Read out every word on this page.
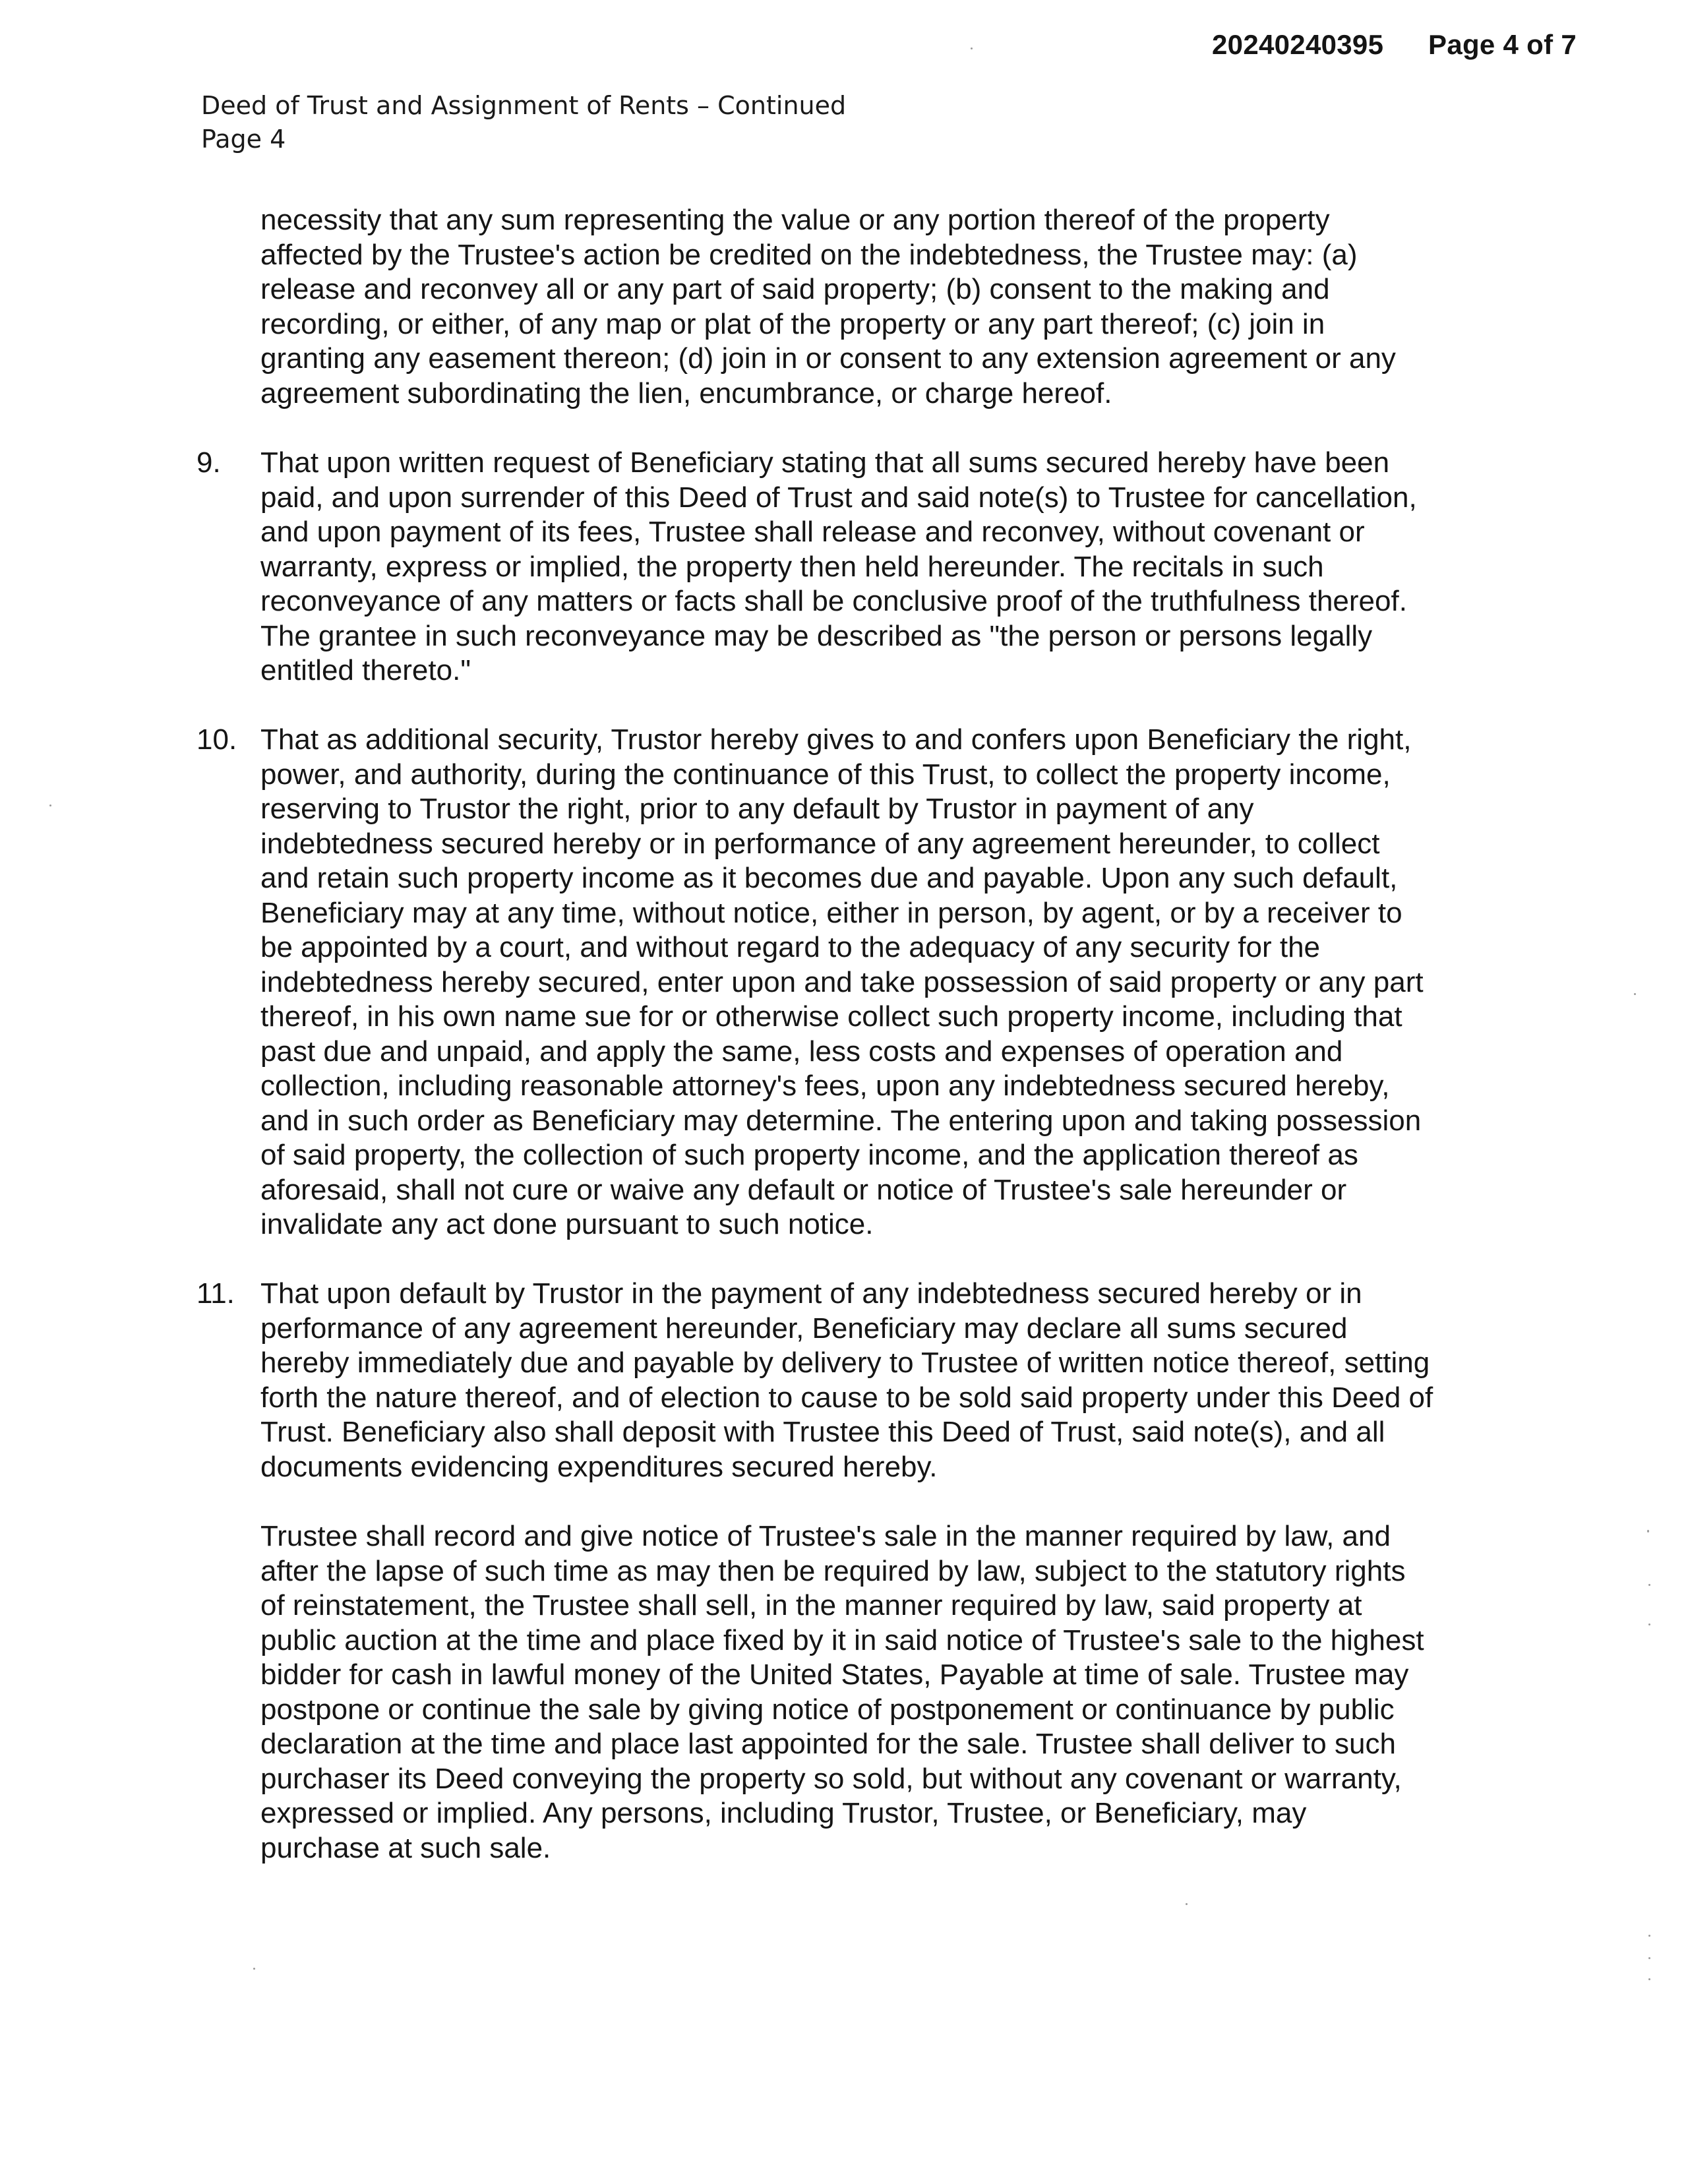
20240240395 Page 4 of 7
Deed of Trust and Assignment of Rents – Continued
Page 4
necessity that any sum representing the value or any portion thereof of the property
affected by the Trustee's action be credited on the indebtedness, the Trustee may: (a)
release and reconvey all or any part of said property; (b) consent to the making and
recording, or either, of any map or plat of the property or any part thereof; (c) join in
granting any easement thereon; (d) join in or consent to any extension agreement or any
agreement subordinating the lien, encumbrance, or charge hereof.
9. That upon written request of Beneficiary stating that all sums secured hereby have been
paid, and upon surrender of this Deed of Trust and said note(s) to Trustee for cancellation,
and upon payment of its fees, Trustee shall release and reconvey, without covenant or
warranty, express or implied, the property then held hereunder. The recitals in such
reconveyance of any matters or facts shall be conclusive proof of the truthfulness thereof.
The grantee in such reconveyance may be described as "the person or persons legally
entitled thereto."
10. That as additional security, Trustor hereby gives to and confers upon Beneficiary the right,
power, and authority, during the continuance of this Trust, to collect the property income,
reserving to Trustor the right, prior to any default by Trustor in payment of any
indebtedness secured hereby or in performance of any agreement hereunder, to collect
and retain such property income as it becomes due and payable. Upon any such default,
Beneficiary may at any time, without notice, either in person, by agent, or by a receiver to
be appointed by a court, and without regard to the adequacy of any security for the
indebtedness hereby secured, enter upon and take possession of said property or any part
thereof, in his own name sue for or otherwise collect such property income, including that
past due and unpaid, and apply the same, less costs and expenses of operation and
collection, including reasonable attorney's fees, upon any indebtedness secured hereby,
and in such order as Beneficiary may determine. The entering upon and taking possession
of said property, the collection of such property income, and the application thereof as
aforesaid, shall not cure or waive any default or notice of Trustee's sale hereunder or
invalidate any act done pursuant to such notice.
11. That upon default by Trustor in the payment of any indebtedness secured hereby or in
performance of any agreement hereunder, Beneficiary may declare all sums secured
hereby immediately due and payable by delivery to Trustee of written notice thereof, setting
forth the nature thereof, and of election to cause to be sold said property under this Deed of
Trust. Beneficiary also shall deposit with Trustee this Deed of Trust, said note(s), and all
documents evidencing expenditures secured hereby.
Trustee shall record and give notice of Trustee's sale in the manner required by law, and
after the lapse of such time as may then be required by law, subject to the statutory rights
of reinstatement, the Trustee shall sell, in the manner required by law, said property at
public auction at the time and place fixed by it in said notice of Trustee's sale to the highest
bidder for cash in lawful money of the United States, Payable at time of sale. Trustee may
postpone or continue the sale by giving notice of postponement or continuance by public
declaration at the time and place last appointed for the sale. Trustee shall deliver to such
purchaser its Deed conveying the property so sold, but without any covenant or warranty,
expressed or implied. Any persons, including Trustor, Trustee, or Beneficiary, may
purchase at such sale.
